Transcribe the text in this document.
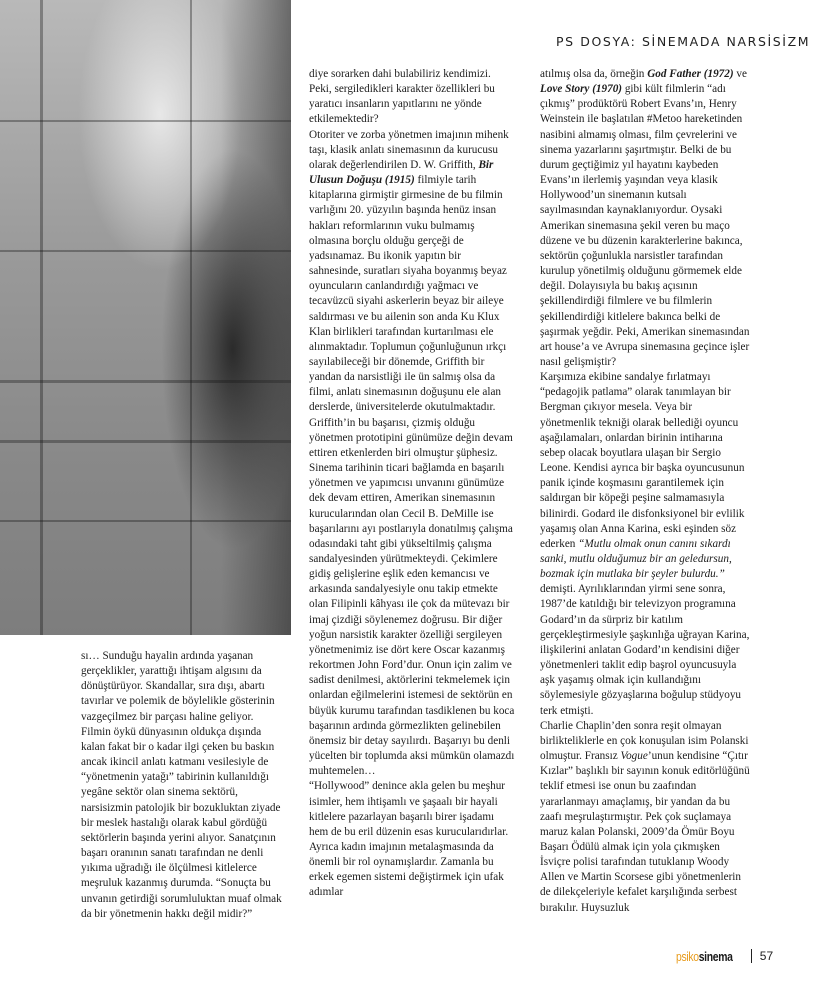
PS DOSYA: SİNEMADA NARSİSİZM

sı… Sunduğu hayalin ardında yaşanan gerçeklikler, yarattığı ihtişam algısını da dönüştürüyor. Skandallar, sıra dışı, abartı tavırlar ve polemik de böylelikle gösterinin vazgeçilmez bir parçası haline geliyor. Filmin öykü dünyasının oldukça dışında kalan fakat bir o kadar ilgi çeken bu baskın ancak ikincil anlatı katmanı vesilesiyle de “yönetmenin yatağı” tabirinin kullanıldığı yegâne sektör olan sinema sektörü, narsisizmin patolojik bir bozukluktan ziyade bir meslek hastalığı olarak kabul gördüğü sektörlerin başında yerini alıyor. Sanatçının başarı oranının sanatı tarafından ne denli yıkıma uğradığı ile ölçülmesi kitlelerce meşruluk kazanmış durumda. “Sonuçta bu unvanın getirdiği sorumluluktan muaf olmak da bir yönetmenin hakkı değil midir?”

diye sorarken dahi bulabiliriz kendimizi. Peki, sergiledikleri karakter özellikleri bu yaratıcı insanların yapıtlarını ne yönde etkilemektedir?

Otoriter ve zorba yönetmen imajının mihenk taşı, klasik anlatı sinemasının da kurucusu olarak değerlendirilen D. W. Griffith, Bir Ulusun Doğuşu (1915) filmiyle tarih kitaplarına girmiştir girmesine de bu filmin varlığını 20. yüzyılın başında henüz insan hakları reformlarının vuku bulmamış olmasına borçlu olduğu gerçeği de yadsınamaz. Bu ikonik yapıtın bir sahnesinde, suratları siyaha boyanmış beyaz oyuncuların canlandırdığı yağmacı ve tecavüzcü siyahi askerlerin beyaz bir aileye saldırması ve bu ailenin son anda Ku Klux Klan birlikleri tarafından kurtarılması ele alınmaktadır. Toplumun çoğunluğunun ırkçı sayılabileceği bir dönemde, Griffith bir yandan da narsistliği ile ün salmış olsa da filmi, anlatı sinemasının doğuşunu ele alan derslerde, üniversitelerde okutulmaktadır. Griffith’in bu başarısı, çizmiş olduğu yönetmen prototipini günümüze değin devam ettiren etkenlerden biri olmuştur şüphesiz.

Sinema tarihinin ticari bağlamda en başarılı yönetmen ve yapımcısı unvanını günümüze dek devam ettiren, Amerikan sinemasının kurucularından olan Cecil B. DeMille ise başarılarını ayı postlarıyla donatılmış çalışma odasındaki taht gibi yükseltilmiş çalışma sandalyesinden yürütmekteydi. Çekimlere gidiş gelişlerine eşlik eden kemancısı ve arkasında sandalyesiyle onu takip etmekte olan Filipinli kâhyası ile çok da mütevazı bir imaj çizdiği söylenemez doğrusu. Bir diğer yoğun narsistik karakter özelliği sergileyen yönetmenimiz ise dört kere Oscar kazanmış rekortmen John Ford’dur. Onun için zalim ve sadist denilmesi, aktörlerini tekmelemek için onlardan eğilmelerini istemesi de sektörün en büyük kurumu tarafından tasdiklenen bu koca başarının ardında görmezlikten gelinebilen önemsiz bir detay sayılırdı. Başarıyı bu denli yücelten bir toplumda aksi mümkün olamazdı muhtemelen…

“Hollywood” denince akla gelen bu meşhur isimler, hem ihtişamlı ve şaşaalı bir hayali kitlelere pazarlayan başarılı birer işadamı hem de bu eril düzenin esas kurucularıdırlar. Ayrıca kadın imajının metalaşmasında da önemli bir rol oynamışlardır. Zamanla bu erkek egemen sistemi değiştirmek için ufak adımlar

atılmış olsa da, örneğin God Father (1972) ve Love Story (1970) gibi kült filmlerin “adı çıkmış” prodüktörü Robert Evans’ın, Henry Weinstein ile başlatılan #Metoo hareketinden nasibini almamış olması, film çevrelerini ve sinema yazarlarını şaşırtmıştır. Belki de bu durum geçtiğimiz yıl hayatını kaybeden Evans’ın ilerlemiş yaşından veya klasik Hollywood’un sinemanın kutsalı sayılmasından kaynaklanıyordur. Oysaki Amerikan sinemasına şekil veren bu maço düzene ve bu düzenin karakterlerine bakınca, sektörün çoğunlukla narsistler tarafından kurulup yönetilmiş olduğunu görmemek elde değil. Dolayısıyla bu bakış açısının şekillendirdiği filmlere ve bu filmlerin şekillendirdiği kitlelere bakınca belki de şaşırmak yeğdir. Peki, Amerikan sinemasından art house’a ve Avrupa sinemasına geçince işler nasıl gelişmiştir?

Karşımıza ekibine sandalye fırlatmayı “pedagojik patlama” olarak tanımlayan bir Bergman çıkıyor mesela. Veya bir yönetmenlik tekniği olarak bellediği oyuncu aşağılamaları, onlardan birinin intiharına sebep olacak boyutlara ulaşan bir Sergio Leone. Kendisi ayrıca bir başka oyuncusunun panik içinde koşmasını garantilemek için saldırgan bir köpeği peşine salmamasıyla bilinirdi. Godard ile disfonksiyonel bir evlilik yaşamış olan Anna Karina, eski eşinden söz ederken “Mutlu olmak onun canını sıkardı sanki, mutlu olduğumuz bir an geledursun, bozmak için mutlaka bir şeyler bulurdu.” demişti. Ayrılıklarından yirmi sene sonra, 1987’de katıldığı bir televizyon programına Godard’ın da sürpriz bir katılım gerçekleştirmesiyle şaşkınlığa uğrayan Karina, ilişkilerini anlatan Godard’ın kendisini diğer yönetmenleri taklit edip başrol oyuncusuyla aşk yaşamış olmak için kullandığını söylemesiyle gözyaşlarına boğulup stüdyoyu terk etmişti.

Charlie Chaplin’den sonra reşit olmayan birlikteliklerle en çok konuşulan isim Polanski olmuştur. Fransız Vogue’unun kendisine “Çıtır Kızlar” başlıklı bir sayının konuk editörlüğünü teklif etmesi ise onun bu zaafından yararlanmayı amaçlamış, bir yandan da bu zaafı meşrulaştırmıştır. Pek çok suçlamaya maruz kalan Polanski, 2009’da Ömür Boyu Başarı Ödülü almak için yola çıkmışken İsviçre polisi tarafından tutuklanıp Woody Allen ve Martin Scorsese gibi yönetmenlerin de dilekçeleriyle kefalet karşılığında serbest bırakılır. Huysuzluk

psikosinema 57
